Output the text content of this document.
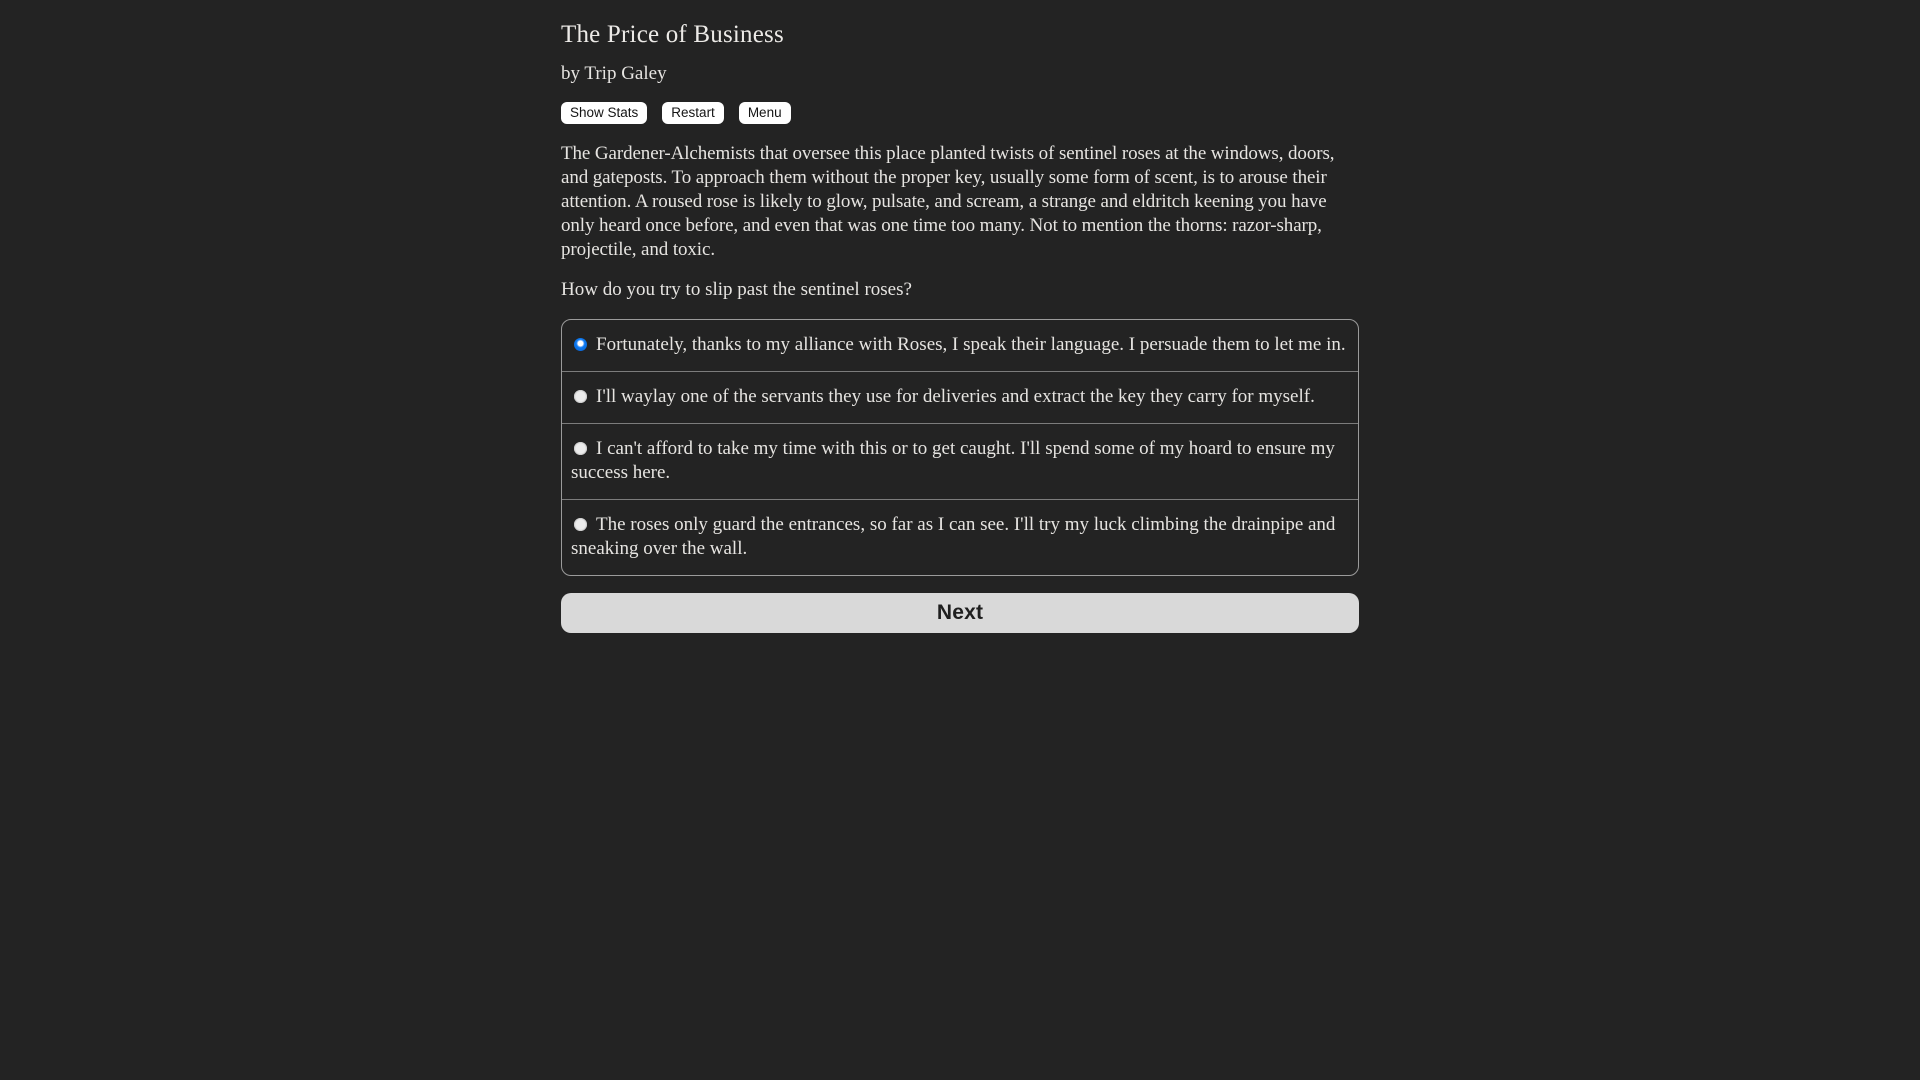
The Price of Business
by Trip Galey
Show Stats	Restart	Menu

The Gardener-Alchemists that oversee this place planted twists of sentinel roses at the windows, doors, and gateposts. To approach them without the proper key, usually some form of scent, is to arouse their attention. A roused rose is likely to glow, pulsate, and scream, a strange and eldritch keening you have only heard once before, and even that was one time too many. Not to mention the thorns: razor-sharp, projectile, and toxic.

How do you try to slip past the sentinel roses?

Fortunately, thanks to my alliance with Roses, I speak their language. I persuade them to let me in.
I'll waylay one of the servants they use for deliveries and extract the key they carry for myself.
I can't afford to take my time with this or to get caught. I'll spend some of my hoard to ensure my success here.
The roses only guard the entrances, so far as I can see. I'll try my luck climbing the drainpipe and sneaking over the wall.
Next
